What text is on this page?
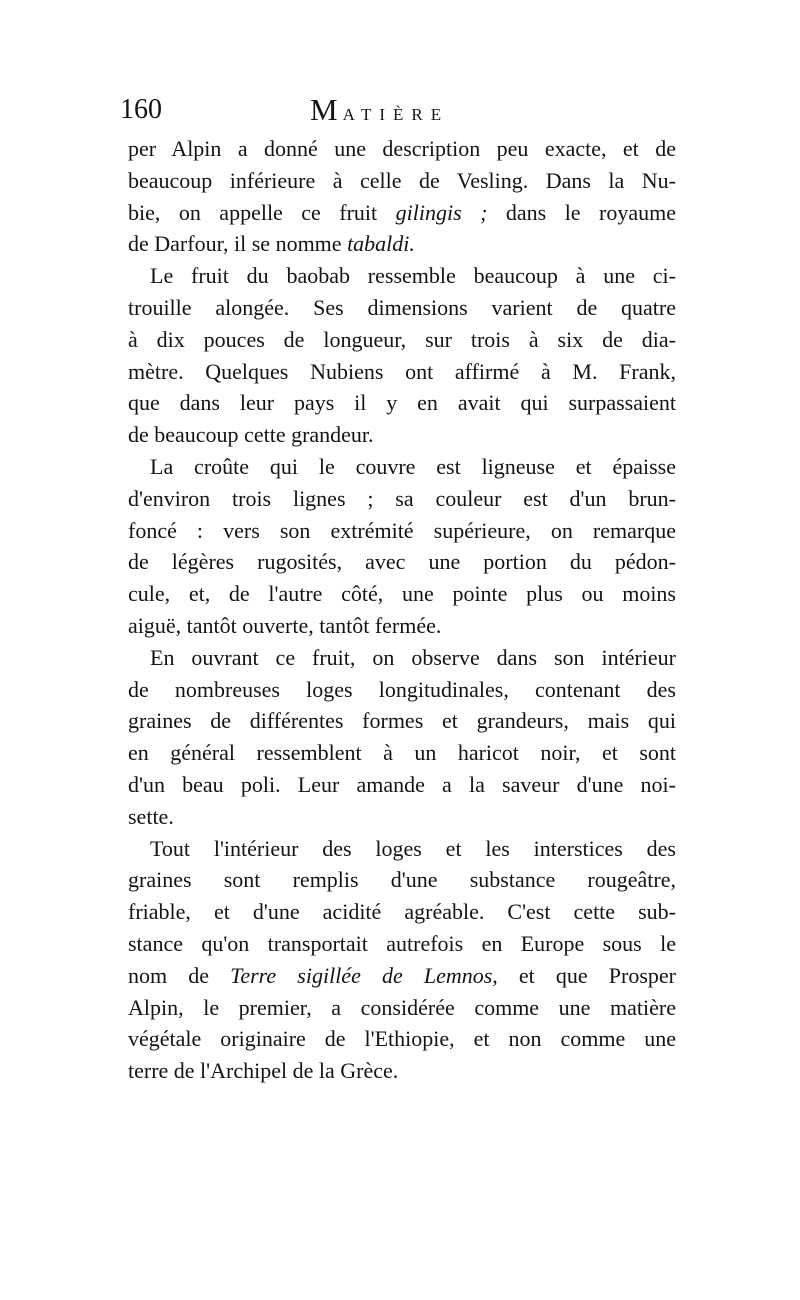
160	MATIÈRE
per Alpin a donné une description peu exacte, et de
beaucoup inférieure à celle de Vesling. Dans la Nu-
bie, on appelle ce fruit gilingis ; dans le royaume
de Darfour, il se nomme tabaldi.
Le fruit du baobab ressemble beaucoup à une ci-
trouille alongée. Ses dimensions varient de quatre
à dix pouces de longueur, sur trois à six de dia-
mètre. Quelques Nubiens ont affirmé à M. Frank,
que dans leur pays il y en avait qui surpassaient
de beaucoup cette grandeur.
La croûte qui le couvre est ligneuse et épaisse
d'environ trois lignes ; sa couleur est d'un brun-
foncé : vers son extrémité supérieure, on remarque
de légères rugosités, avec une portion du pédon-
cule, et, de l'autre côté, une pointe plus ou moins
aiguë, tantôt ouverte, tantôt fermée.
En ouvrant ce fruit, on observe dans son intérieur
de nombreuses loges longitudinales, contenant des
graines de différentes formes et grandeurs, mais qui
en général ressemblent à un haricot noir, et sont
d'un beau poli. Leur amande a la saveur d'une noi-
sette.
Tout l'intérieur des loges et les interstices des
graines sont remplis d'une substance rougeâtre,
friable, et d'une acidité agréable. C'est cette sub-
stance qu'on transportait autrefois en Europe sous le
nom de Terre sigillée de Lemnos, et que Prosper
Alpin, le premier, a considérée comme une matière
végétale originaire de l'Ethiopie, et non comme une
terre de l'Archipel de la Grèce.
